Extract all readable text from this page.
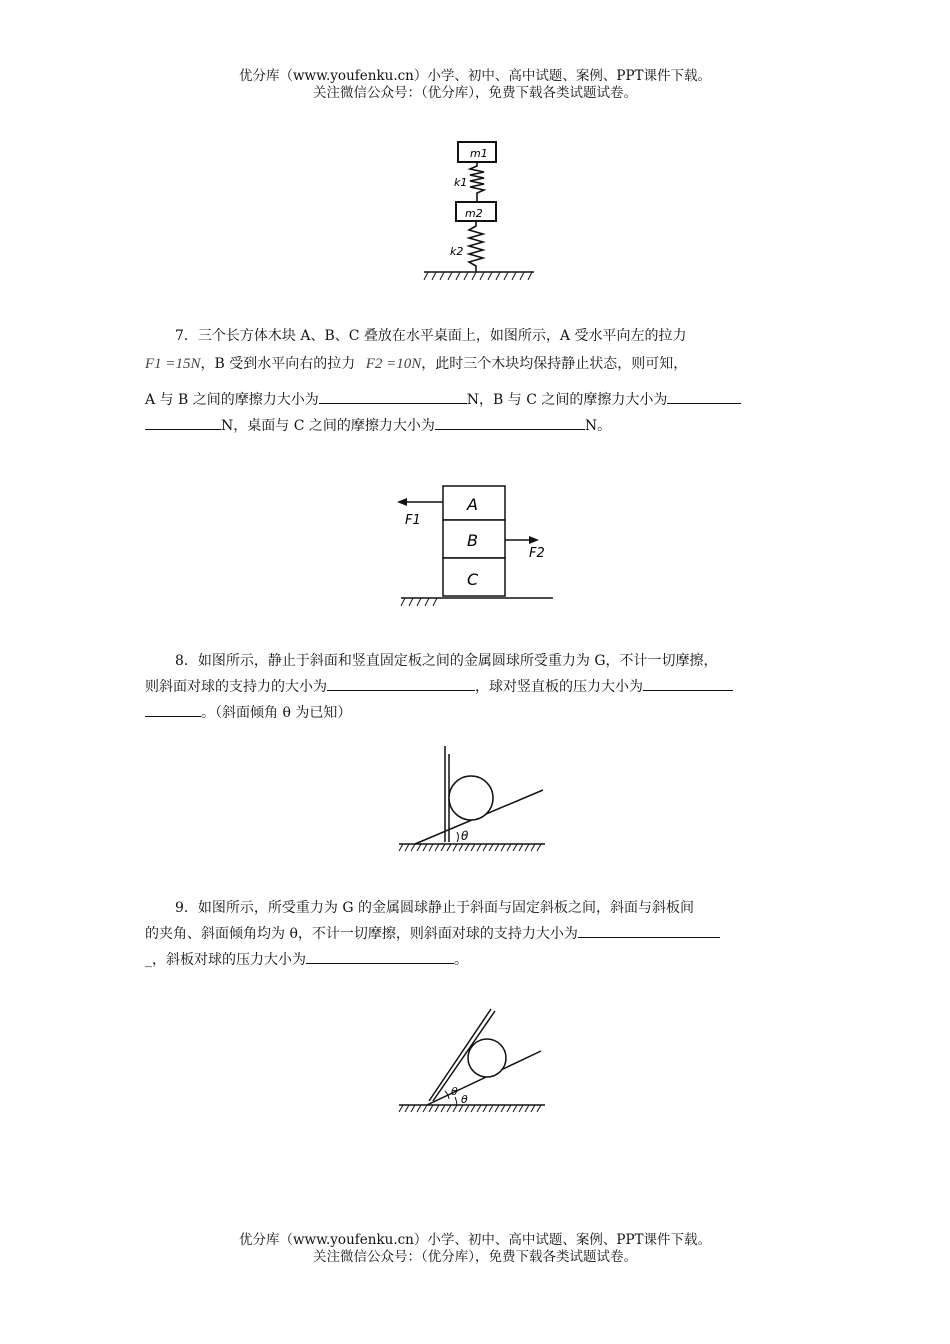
优分库（www.youfenku.cn）小学、初中、高中试题、案例、PPT课件下载。
关注微信公众号：（优分库），免费下载各类试题试卷。
m1
k1
m2
k2
7．三个长方体木块 A、B、C 叠放在水平桌面上，如图所示，A 受水平向左的拉力
F1 =15N，B 受到水平向右的拉力 F2 =10N，此时三个木块均保持静止状态，则可知，
A 与 B 之间的摩擦力大小为	N，B 与 C 之间的摩擦力大小为
N，桌面与 C 之间的摩擦力大小为	N。
A
B
C
F1
F2
8．如图所示，静止于斜面和竖直固定板之间的金属圆球所受重力为 G，不计一切摩擦，
则斜面对球的支持力的大小为	，球对竖直板的压力大小为
。（斜面倾角 θ 为已知）
θ
9．如图所示，所受重力为 G 的金属圆球静止于斜面与固定斜板之间，斜面与斜板间
的夹角、斜面倾角均为 θ，不计一切摩擦，则斜面对球的支持力大小为
_，斜板对球的压力大小为	。
θ
θ
优分库（www.youfenku.cn）小学、初中、高中试题、案例、PPT课件下载。
关注微信公众号：（优分库），免费下载各类试题试卷。
